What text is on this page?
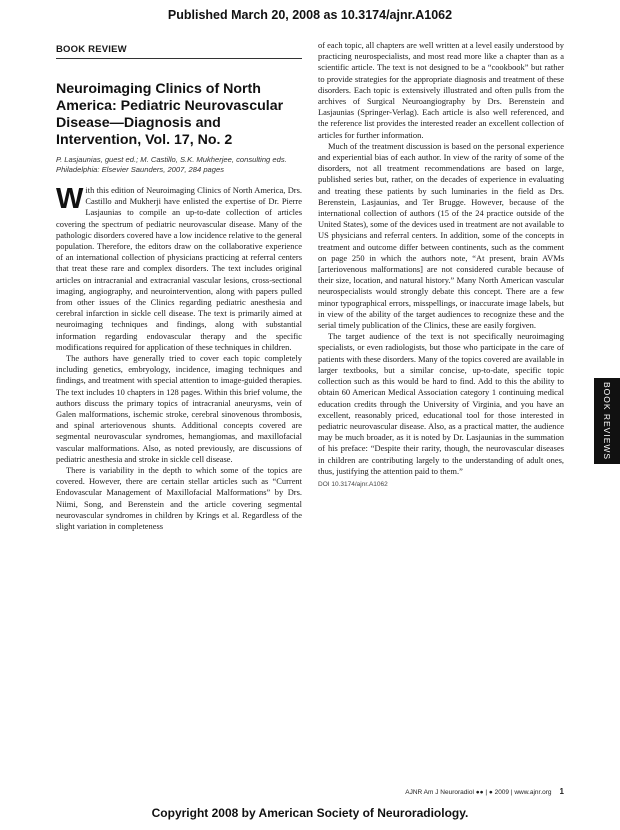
Published March 20, 2008 as 10.3174/ajnr.A1062
BOOK REVIEW
Neuroimaging Clinics of North America: Pediatric Neurovascular Disease—Diagnosis and Intervention, Vol. 17, No. 2
P. Lasjaunias, guest ed.; M. Castillo, S.K. Mukherjee, consulting eds. Philadelphia: Elsevier Saunders, 2007, 284 pages

With this edition of Neuroimaging Clinics of North America, Drs. Castillo and Mukherji have enlisted the expertise of Dr. Pierre Lasjaunias to compile an up-to-date collection of articles covering the spectrum of pediatric neurovascular disease. Many of the pathologic disorders covered have a low incidence relative to the general population. Therefore, the editors draw on the collaborative experience of an international collection of physicians practicing at referral centers that treat these rare and complex disorders. The text includes original articles on intracranial and extracranial vascular lesions, cross-sectional imaging, angiography, and neurointervention, along with papers pulled from other issues of the Clinics regarding pediatric anesthesia and cerebral infarction in sickle cell disease. The text is primarily aimed at neuroimaging techniques and findings, along with substantial information regarding endovascular therapy and the specific modifications required for application of these techniques in children.

The authors have generally tried to cover each topic completely including genetics, embryology, incidence, imaging techniques and findings, and treatment with special attention to image-guided therapies. The text includes 10 chapters in 128 pages. Within this brief volume, the authors discuss the primary topics of intracranial aneurysms, vein of Galen malformations, ischemic stroke, cerebral sinovenous thrombosis, and spinal arteriovenous shunts. Additional concepts covered are segmental neurovascular syndromes, hemangiomas, and maxillofacial vascular malformations. Also, as noted previously, are discussions of pediatric anesthesia and stroke in sickle cell disease.

There is variability in the depth to which some of the topics are covered. However, there are certain stellar articles such as “Current Endovascular Management of Maxillofacial Malformations” by Drs. Niimi, Song, and Berenstein and the article covering segmental neurovascular syndromes in children by Krings et al. Regardless of the slight variation in completeness

of each topic, all chapters are well written at a level easily understood by practicing neurospecialists, and most read more like a chapter than as a scientific article. The text is not designed to be a “cookbook” but rather to provide strategies for the appropriate diagnosis and treatment of these disorders. Each topic is extensively illustrated and often pulls from the archives of Surgical Neuroangiography by Drs. Berenstein and Lasjaunias (Springer-Verlag). Each article is also well referenced, and the reference list provides the interested reader an excellent collection of articles for further information.

Much of the treatment discussion is based on the personal experience and experiential bias of each author. In view of the rarity of some of the disorders, not all treatment recommendations are based on large, published series but, rather, on the decades of experience in evaluating and treating these patients by such luminaries in the field as Drs. Berenstein, Lasjaunias, and Ter Brugge. However, because of the international collection of authors (15 of the 24 practice outside of the United States), some of the devices used in treatment are not available to US physicians and referral centers. In addition, some of the concepts in treatment and outcome differ between continents, such as the comment on page 250 in which the authors note, “At present, brain AVMs [arteriovenous malformations] are not considered curable because of their size, location, and natural history.” Many North American vascular neurospecialists would strongly debate this concept. There are a few minor typographical errors, misspellings, or inaccurate image labels, but in view of the ability of the target audiences to recognize these and the serial timely publication of the Clinics, these are easily forgiven.

The target audience of the text is not specifically neuroimaging specialists, or even radiologists, but those who participate in the care of patients with these disorders. Many of the topics covered are available in larger textbooks, but a similar concise, up-to-date, specific topic collection such as this would be hard to find. Add to this the ability to obtain 60 American Medical Association category 1 continuing medical education credits through the University of Virginia, and you have an excellent, reasonably priced, educational tool for those interested in pediatric neurovascular disease. Also, as a practical matter, the audience may be much broader, as it is noted by Dr. Lasjaunias in the summation of his preface: “Despite their rarity, though, the neurovascular diseases in children are contributing largely to the understanding of adult ones, thus, justifying the attention paid to them.”

DOI 10.3174/ajnr.A1062
BOOK REVIEWS
AJNR Am J Neuroradiol ●● | ● 2009 | www.ajnr.org 1
Copyright 2008 by American Society of Neuroradiology.
